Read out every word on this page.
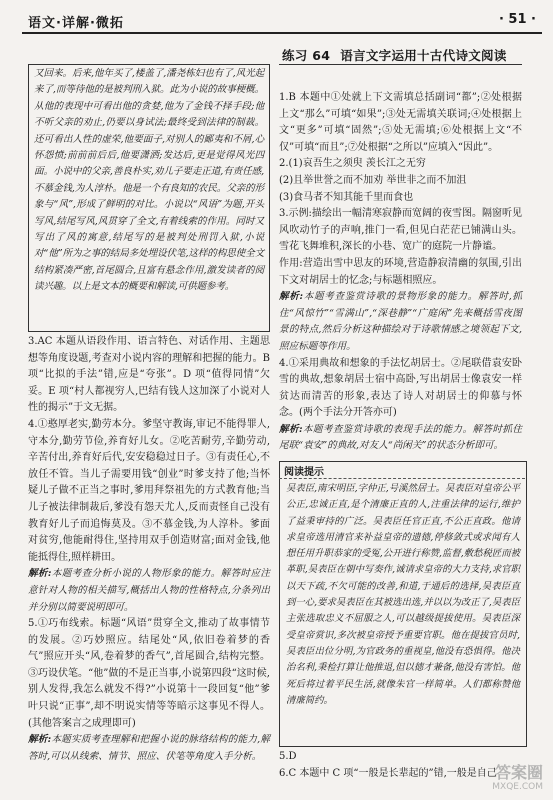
语文·详解·微拓	· 51 ·
又回来。后来,他年买了,楼盖了,潘尧栋妇也有了,风光起来了,而等待他的是被判刑入狱。此为小说的故事梗概。从他的表现中可看出他的贪婪,他为了金钱不择手段;他不听父亲的劝止,仍要以身试法;最终受到法律的制裁。还可看出人性的虚荣,他要面子,对别人的鄙夷和不屑,心怀怨愤;前前前后后,他要潇洒;发达后,更是觉得风光四面。小说中的父亲,善良朴实,劝儿子要走正道,有责任感,不慕金钱,为人淳朴。他是一个有良知的农民。父亲的形象与“风”,形成了鲜明的对比。小说以“风语”为题,开头写风,结尾写风,风贯穿了全文,有着线索的作用。同时又写出了风的寓意,结尾写的是被判处刑罚入狱,小说对“他”所为之事的结局多处埋设伏笔,这样的构思使全文结构紧凑严密,首尾圆合,且富有悬念作用,激发读者的阅读兴趣。以上是文本的概要和解读,可供题参考。

3.AC 本题从语段作用、语言特色、对话作用、主题思想等角度设题,考查对小说内容的理解和把握的能力。B 项“比拟的手法”错,应是“夸张”。D 项“值得同情”欠妥。E 项“村人都视穷人,巴结有钱人这加深了小说对人性的揭示”于文无据。

4.①憨厚老实,勤劳本分。爹坚守教诲,审记不能得罪人,守本分,勤劳节俭,养育好儿女。②吃苦耐劳,辛勤劳动,辛苦付出,养育好后代,安安稳稳过日子。③有责任心,不放任不管。当儿子需要用钱“创业”时爹支持了他;当怀疑儿子做不正当之事时,爹用拜祭祖先的方式教育他;当儿子被法律制裁后,爹没有怨天尤人,反而责怪自己没有教育好儿子而追悔莫及。③不慕金钱,为人淳朴。爹面对贫穷,他能耐得住,坚持用双手创造财富;面对金钱,他能抵得住,照样耕田。

解析:本题考查分析小说的人物形象的能力。解答时应注意针对人物的相关描写,概括出人物的性格特点,分条列出并分别以简要说明即可。

5.①巧布线索。标题“风语”贯穿全文,推动了故事情节的发展。②巧妙照应。结尾处“风,依旧卷着梦的香气”照应开头“风,卷着梦的香气”,首尾圆合,结构完整。③巧设伏笔。“他”做的不是正当事,小说第四段“这时候,别人发得,我怎么就发不得?”小说第十一段回复“他”爹叶只说“正事”,却不明说实情等等暗示这事见不得人。(其他答案言之成理即可)

解析:本题实质考查理解和把握小说的脉络结构的能力,解答时,可以从线索、情节、照应、伏笔等角度入手分析。

练习 64 语言文字运用十古代诗文阅读

1.B 本题中①处就上下文需填总括副词“都”;②处根据上文“那么”可填“如果”;③处无需填关联词;④处根据上文“更多”可填“固然”;⑤处无需填;⑥处根据上文“不仅”可填“而且”;⑦处根据“之所以”应填入“因此”。

2.(1)哀吾生之须臾 羡长江之无穷

(2)且举世誉之而不加劝 举世非之而不加沮

(3)食马者不知其能千里而食也

3.示例:描绘出一幅清寒寂静而宽阔的夜雪图。隔窗听见风吹动竹子的声响,推门一看,但见白茫茫已铺满山头。雪花飞舞堆积,深长的小巷、宽广的庭院一片静谧。

作用:营造出雪中思友的环境,营造静寂清幽的氛围,引出下文对胡居士的忆念;与标题相照应。

解析:本题考查鉴赏诗歌的景物形象的能力。解答时,抓住“风惊竹”“雪满山”,“深巷静”“广庭闲”先来概括雪夜图景的特点,然后分析这种描绘对于诗歌情感之境领起下文,照应标题等作用。

4.①采用典故和想象的手法忆胡居士。②尾联借袁安卧雪的典故,想象胡居士宿中高卧,写出胡居士像袁安一样贫达而清苦的形象,表达了诗人对胡居士的仰慕与怀念。(两个手法分开答亦可)

解析:本题考查鉴赏诗歌的表现手法的能力。解答时抓住尾联“袁安”的典故,对友人“尚闲关”的状态分析即可。

阅读提示
吴表臣,南宋明臣,字仲正,号溪然居士。吴表臣对皇帝公平公正,忠诚正直,是个清廉正直的人,注重法律的运行,维护了益秉审持的广泛。吴表臣任官正直,不公正直政。他请求皇帝选用清官来补益皇帝的遗德,停修敛式或求闻有人想任用升职恭家的受冤,公开进行称赞,监督,敷愁税匠而被革职,吴表臣在朝中写奏作,诚请求皇帝的大力支持,求官职以天下疏,不欠可能的改善,和道,于通后的选择,吴表臣直到一心,要求吴表臣在其被选出选,并以以为改正了,吴表臣主张选取忠义不屈服之人,可以越级提拔使用。吴表臣深受皇帝赏识,多次被皇帝授予重要官职。他在提拔官员时,吴表臣出位分明,为官政务的重视皇,他没有恐惧得。他决治名利,秉检打算让他推退,但以德才兼备,他没有害怕。他死后将过着平民生活,就像朱官一样简单。人们都称赞他清廉简约。

5.D

6.C 本题中 C 项“一般是长辈起的”错,一般是自己

答案圈
MXQE.COM
